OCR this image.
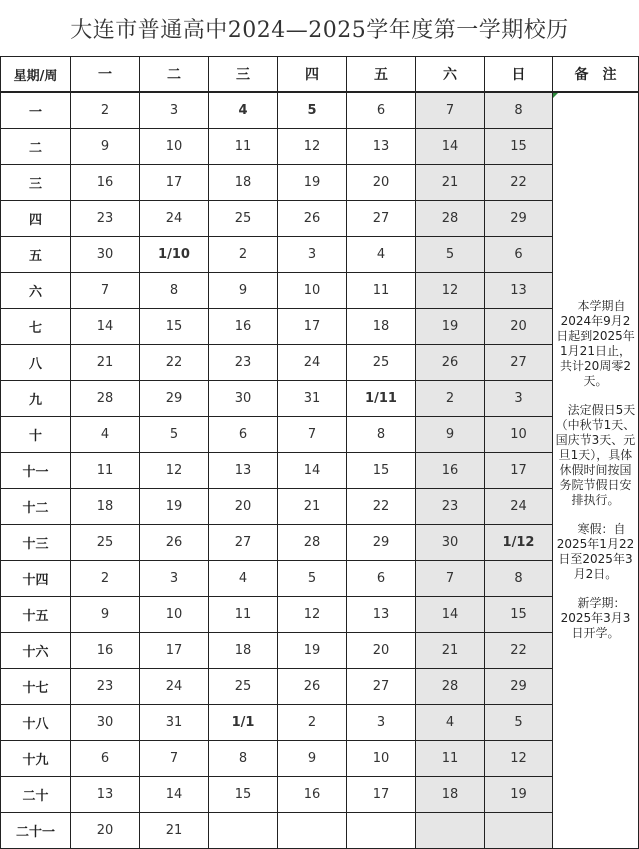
大连市普通高中2024—2025学年度第一学期校历
星期/周	一	二	三	四	五	六	日	备　注
一	2	3	4	5	6	7	8	　本学期自2024年9月2日起到2025年1月21日止，共计20周零2天。
　法定假日5天（中秋节1天、国庆节3天、元旦1天），具体休假时间按国务院节假日安排执行。
　寒假：自2025年1月22日至2025年3月2日。
　新学期：2025年3月3日开学。

二	9	10	11	12	13	14	15	
三	16	17	18	19	20	21	22	
四	23	24	25	26	27	28	29	
五	30	1/10	2	3	4	5	6	
六	7	8	9	10	11	12	13	
七	14	15	16	17	18	19	20	
八	21	22	23	24	25	26	27	
九	28	29	30	31	1/11	2	3	
十	4	5	6	7	8	9	10	
十一	11	12	13	14	15	16	17	
十二	18	19	20	21	22	23	24	
十三	25	26	27	28	29	30	1/12	
十四	2	3	4	5	6	7	8	
十五	9	10	11	12	13	14	15	
十六	16	17	18	19	20	21	22	
十七	23	24	25	26	27	28	29	
十八	30	31	1/1	2	3	4	5	
十九	6	7	8	9	10	11	12	
二十	13	14	15	16	17	18	19	
二十一	20	21						
